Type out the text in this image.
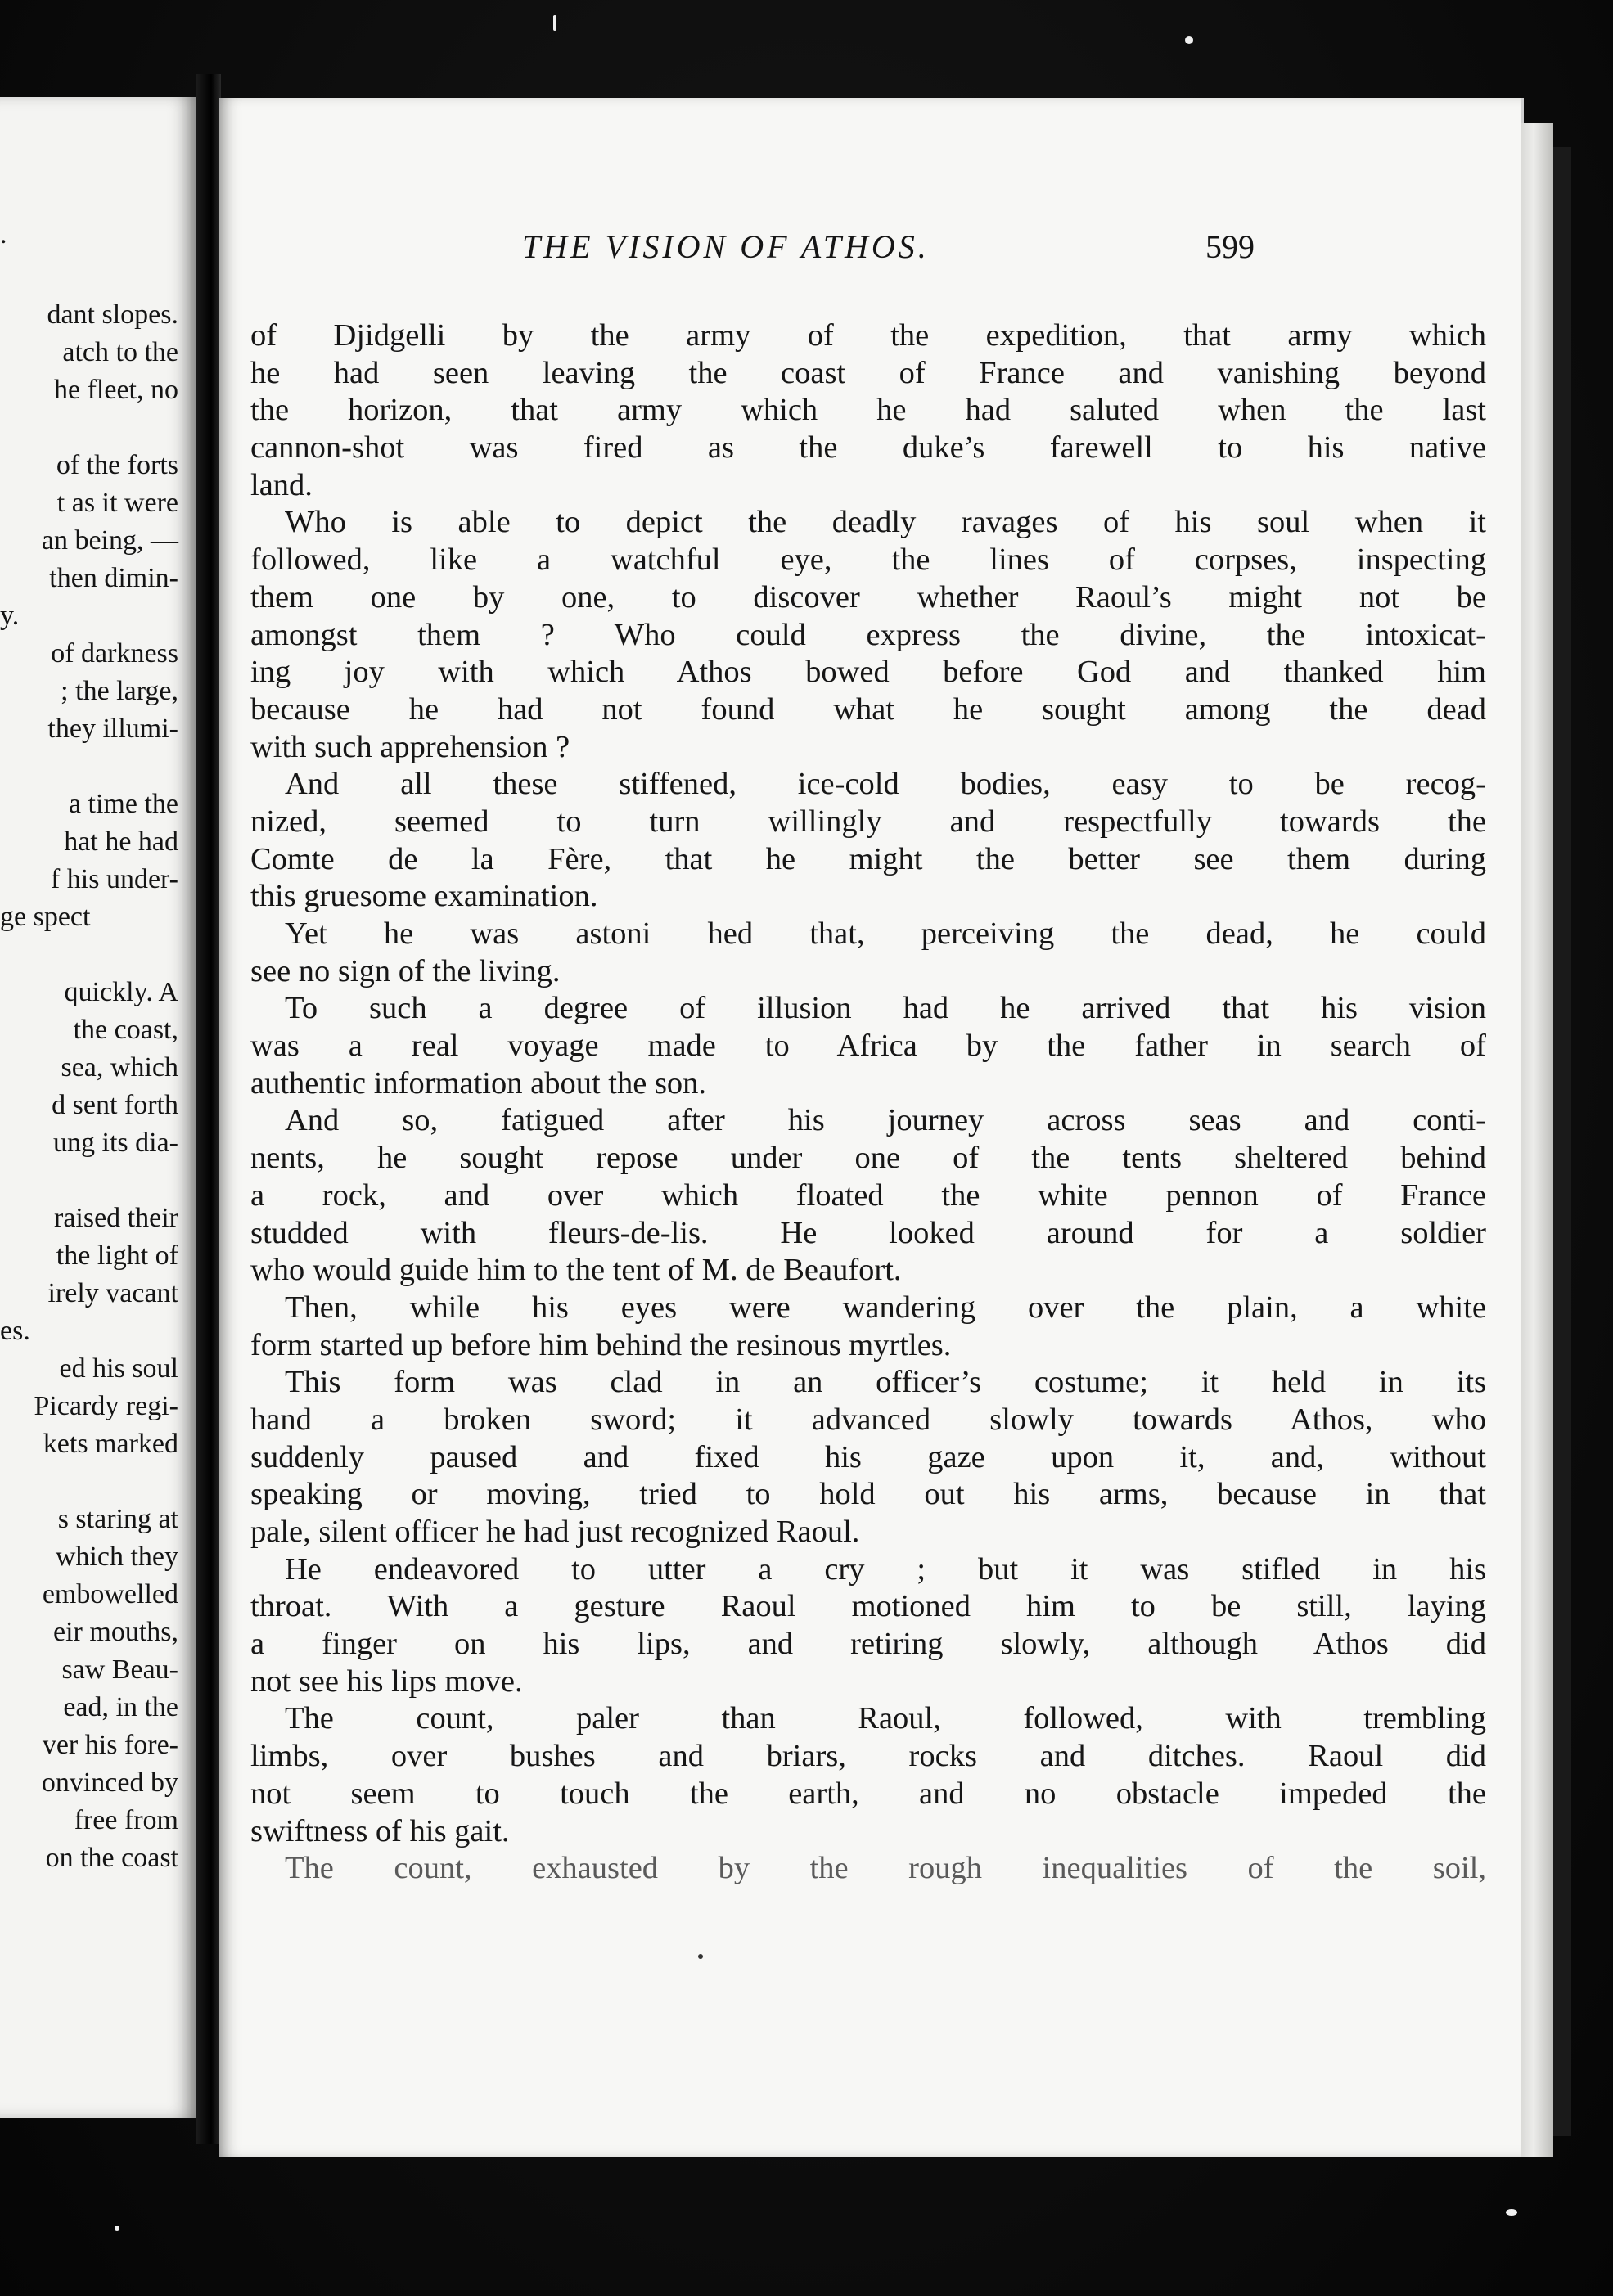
.
dant slopes.
atch to the
he fleet, no
of the forts
t as it were
an being, —
then dimin-
y.
of darkness
; the large,
they illumi-
a time the
hat he had
f his under-
ge spect
quickly. A
the coast,
sea, which
d sent forth
ung its dia-
raised their
the light of
irely vacant
es.
ed his soul
Picardy regi-
kets marked
s staring at
which they
embowelled
eir mouths,
saw Beau-
ead, in the
ver his fore-
onvinced by
free from
on the coast
THE VISION OF ATHOS.	599
of Djidgelli by the army of the expedition, that army which
he had seen leaving the coast of France and vanishing beyond
the horizon, that army which he had saluted when the last
cannon-shot was fired as the duke’s farewell to his native
land.
Who is able to depict the deadly ravages of his soul when it
followed, like a watchful eye, the lines of corpses, inspecting
them one by one, to discover whether Raoul’s might not be
amongst them ? Who could express the divine, the intoxicat-
ing joy with which Athos bowed before God and thanked him
because he had not found what he sought among the dead
with such apprehension ?
And all these stiffened, ice-cold bodies, easy to be recog-
nized, seemed to turn willingly and respectfully towards the
Comte de la Fère, that he might the better see them during
this gruesome examination.
Yet he was astoni hed that, perceiving the dead, he could
see no sign of the living.
To such a degree of illusion had he arrived that his vision
was a real voyage made to Africa by the father in search of
authentic information about the son.
And so, fatigued after his journey across seas and conti-
nents, he sought repose under one of the tents sheltered behind
a rock, and over which floated the white pennon of France
studded with fleurs-de-lis. He looked around for a soldier
who would guide him to the tent of M. de Beaufort.
Then, while his eyes were wandering over the plain, a white
form started up before him behind the resinous myrtles.
This form was clad in an officer’s costume; it held in its
hand a broken sword; it advanced slowly towards Athos, who
suddenly paused and fixed his gaze upon it, and, without
speaking or moving, tried to hold out his arms, because in that
pale, silent officer he had just recognized Raoul.
He endeavored to utter a cry ; but it was stifled in his
throat. With a gesture Raoul motioned him to be still, laying
a finger on his lips, and retiring slowly, although Athos did
not see his lips move.
The count, paler than Raoul, followed, with trembling
limbs, over bushes and briars, rocks and ditches. Raoul did
not seem to touch the earth, and no obstacle impeded the
swiftness of his gait.
The count, exhausted by the rough inequalities of the soil,
